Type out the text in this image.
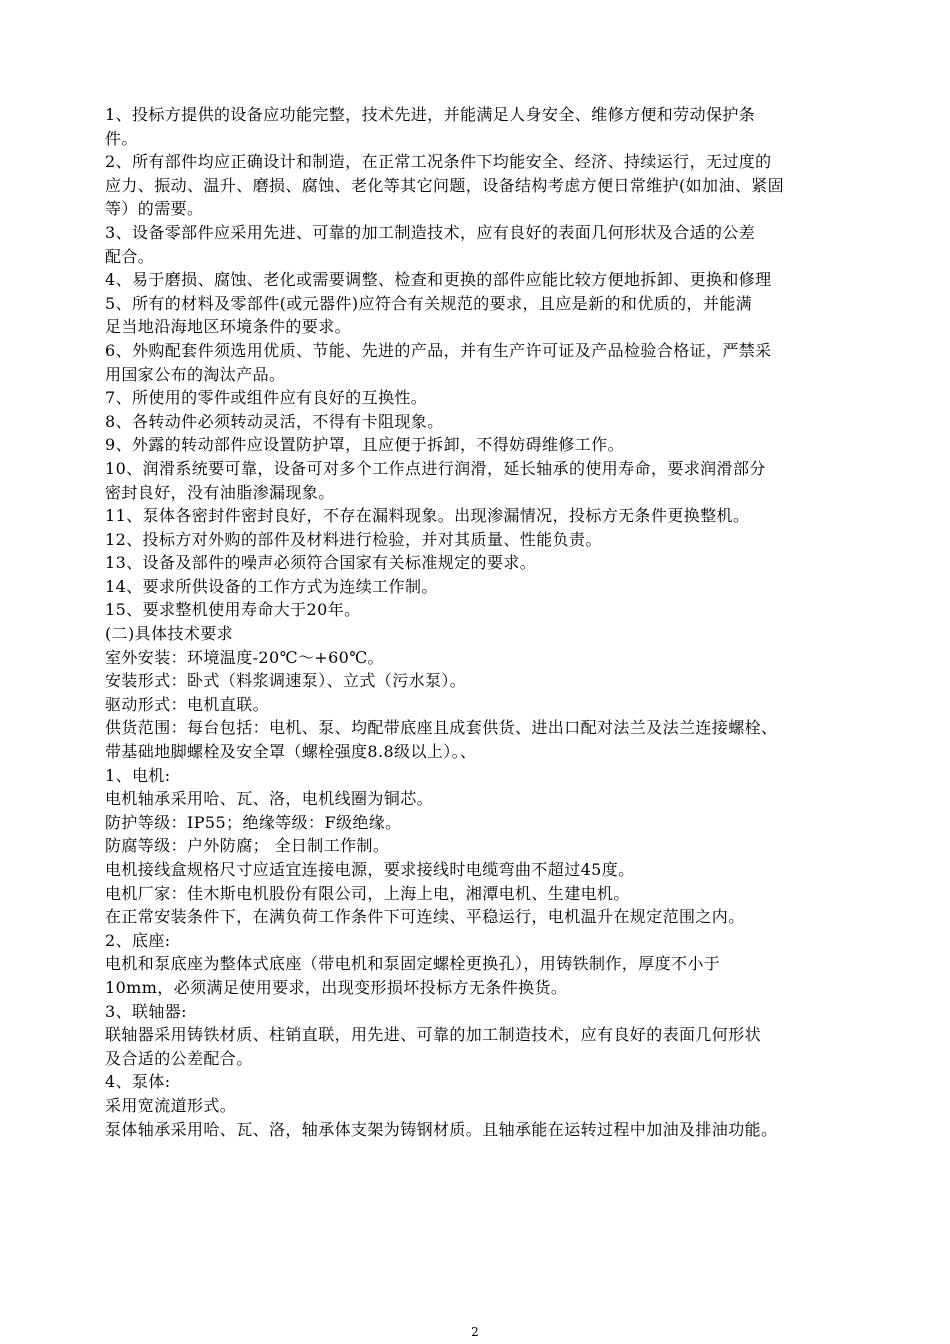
1、投标方提供的设备应功能完整，技术先进，并能满足人身安全、维修方便和劳动保护条
件。
2、所有部件均应正确设计和制造，在正常工况条件下均能安全、经济、持续运行，无过度的
应力、振动、温升、磨损、腐蚀、老化等其它问题，设备结构考虑方便日常维护(如加油、紧固
等）的需要。
3、设备零部件应采用先进、可靠的加工制造技术，应有良好的表面几何形状及合适的公差
配合。
4、易于磨损、腐蚀、老化或需要调整、检查和更换的部件应能比较方便地拆卸、更换和修理
5、所有的材料及零部件(或元器件)应符合有关规范的要求，且应是新的和优质的，并能满
足当地沿海地区环境条件的要求。
6、外购配套件须选用优质、节能、先进的产品，并有生产许可证及产品检验合格证，严禁采
用国家公布的淘汰产品。
7、所使用的零件或组件应有良好的互换性。
8、各转动件必须转动灵活，不得有卡阻现象。
9、外露的转动部件应设置防护罩，且应便于拆卸，不得妨碍维修工作。
10、润滑系统要可靠，设备可对多个工作点进行润滑，延长轴承的使用寿命，要求润滑部分
密封良好，没有油脂渗漏现象。
11、泵体各密封件密封良好，不存在漏料现象。出现渗漏情况，投标方无条件更换整机。
12、投标方对外购的部件及材料进行检验，并对其质量、性能负责。
13、设备及部件的噪声必须符合国家有关标准规定的要求。
14、要求所供设备的工作方式为连续工作制。
15、要求整机使用寿命大于20年。
(二)具体技术要求
室外安装：环境温度-20℃～+60℃。
安装形式：卧式（料浆调速泵）、立式（污水泵）。
驱动形式：电机直联。
供货范围：每台包括：电机、泵、均配带底座且成套供货、进出口配对法兰及法兰连接螺栓、
带基础地脚螺栓及安全罩（螺栓强度8.8级以上）。、
1、电机:
电机轴承采用哈、瓦、洛，电机线圈为铜芯。
防护等级：IP55；绝缘等级：F级绝缘。
防腐等级：户外防腐； 全日制工作制。
电机接线盒规格尺寸应适宜连接电源，要求接线时电缆弯曲不超过45度。
电机厂家：佳木斯电机股份有限公司，上海上电，湘潭电机、生建电机。
在正常安装条件下，在满负荷工作条件下可连续、平稳运行，电机温升在规定范围之内。
2、底座:
电机和泵底座为整体式底座（带电机和泵固定螺栓更换孔），用铸铁制作，厚度不小于
10mm，必须满足使用要求，出现变形损坏投标方无条件换货。
3、联轴器:
联轴器采用铸铁材质、柱销直联，用先进、可靠的加工制造技术，应有良好的表面几何形状
及合适的公差配合。
4、泵体:
采用宽流道形式。
泵体轴承采用哈、瓦、洛，轴承体支架为铸钢材质。且轴承能在运转过程中加油及排油功能。
2
